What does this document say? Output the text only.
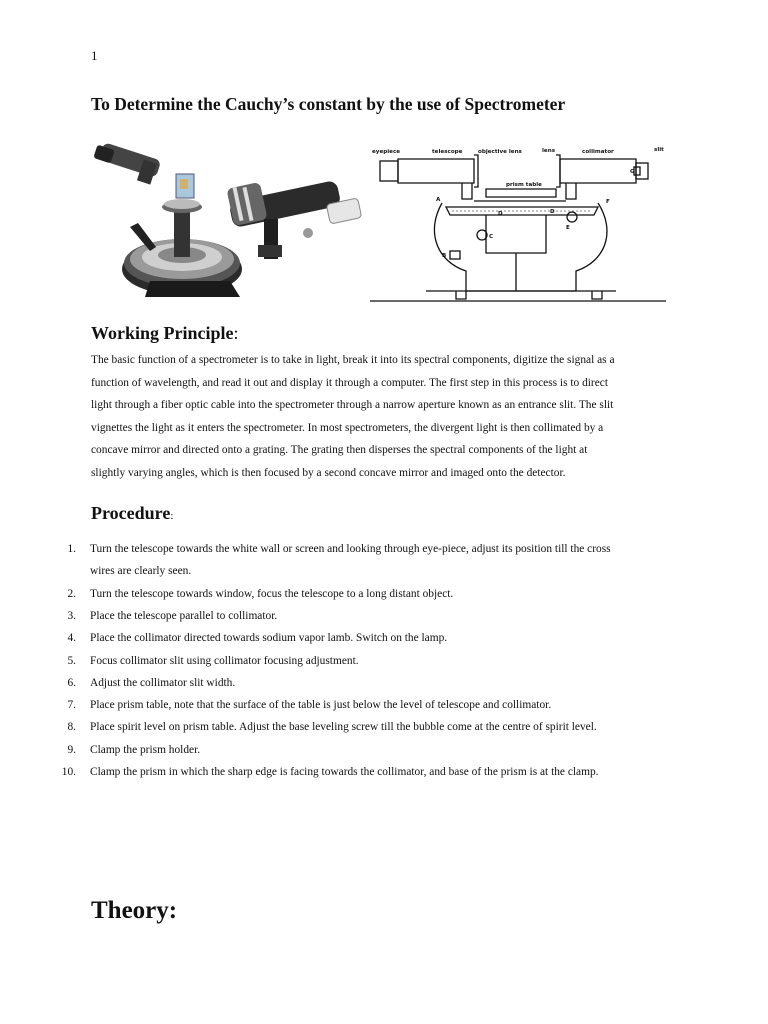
1
To Determine the Cauchy’s constant by the use of Spectrometer
eyepiece	telescope	objective lens	lens	collimator	slit
prism table
A
G
F
D	D
E
C
B
Working Principle:
The basic function of a spectrometer is to take in light, break it into its spectral components, digitize the signal as a
function of wavelength, and read it out and display it through a computer. The first step in this process is to direct
light through a fiber optic cable into the spectrometer through a narrow aperture known as an entrance slit. The slit
vignettes the light as it enters the spectrometer. In most spectrometers, the divergent light is then collimated by a
concave mirror and directed onto a grating. The grating then disperses the spectral components of the light at
slightly varying angles, which is then focused by a second concave mirror and imaged onto the detector.
Procedure:
1. Turn the telescope towards the white wall or screen and looking through eye-piece, adjust its position till the cross
wires are clearly seen.
2. Turn the telescope towards window, focus the telescope to a long distant object.
3. Place the telescope parallel to collimator.
4. Place the collimator directed towards sodium vapor lamb. Switch on the lamp.
5. Focus collimator slit using collimator focusing adjustment.
6. Adjust the collimator slit width.
7. Place prism table, note that the surface of the table is just below the level of telescope and collimator.
8. Place spirit level on prism table. Adjust the base leveling screw till the bubble come at the centre of spirit level.
9. Clamp the prism holder.
10. Clamp the prism in which the sharp edge is facing towards the collimator, and base of the prism is at the clamp.
Theory:
